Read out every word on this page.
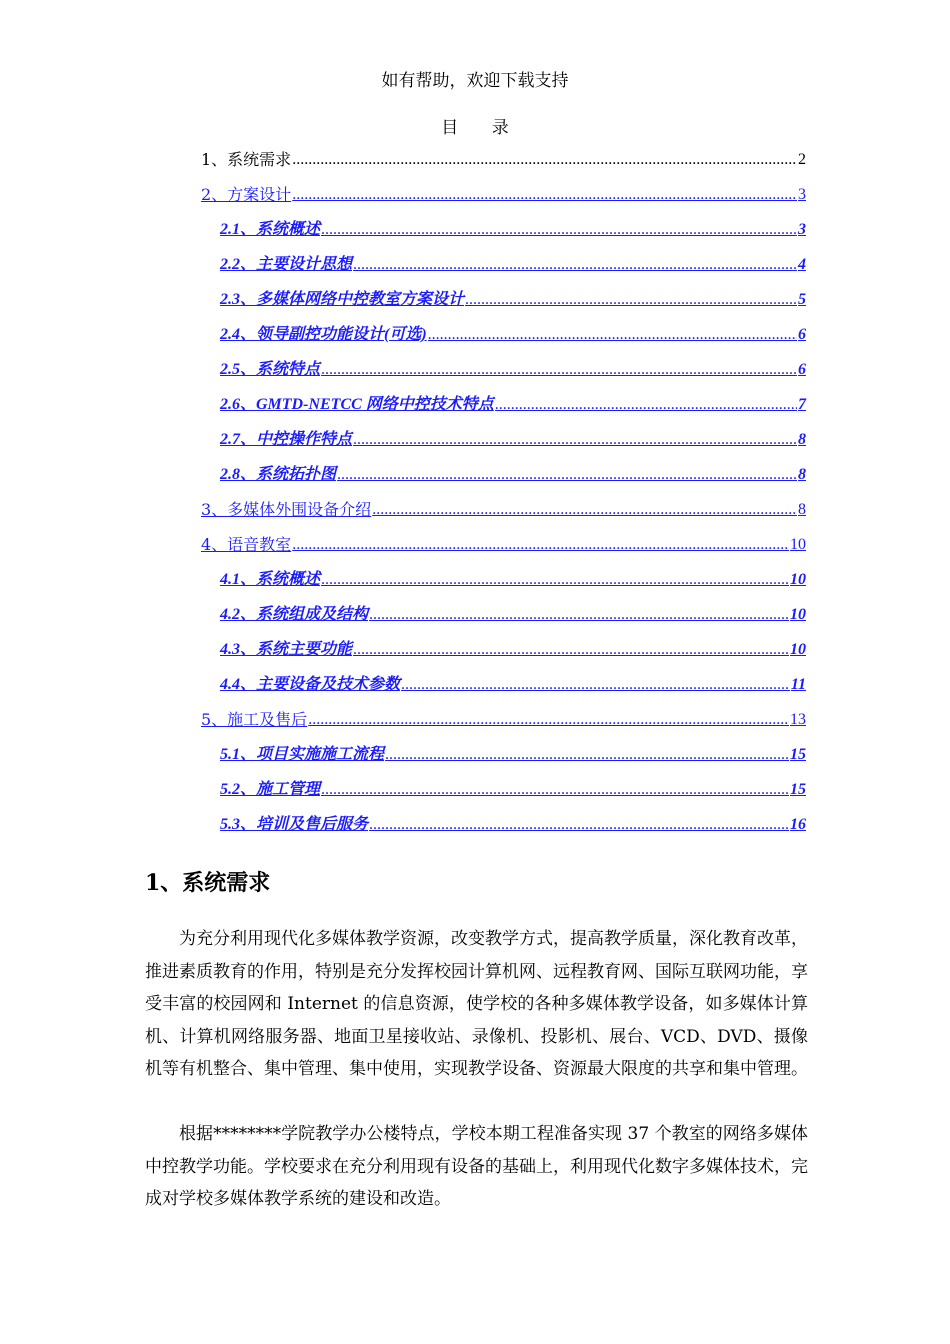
如有帮助，欢迎下载支持
目 录
1、系统需求 .....	2
2、方案设计 .....	3
2.1、系统概述 .....	3
2.2、主要设计思想 .....	4
2.3、多媒体网络中控教室方案设计 .....	5
2.4、领导副控功能设计(可选) .....	6
2.5、系统特点 .....	6
2.6、GMTD-NETCC 网络中控技术特点 .....	7
2.7、中控操作特点 .....	8
2.8、系统拓扑图 .....	8
3、多媒体外围设备介绍 .....	8
4、语音教室 .....	10
4.1、系统概述 .....	10
4.2、系统组成及结构 .....	10
4.3、系统主要功能 .....	10
4.4、主要设备及技术参数 .....	11
5、施工及售后 .....	13
5.1、项目实施施工流程 .....	15
5.2、施工管理 .....	15
5.3、培训及售后服务 .....	16
1、系统需求
为充分利用现代化多媒体教学资源，改变教学方式，提高教学质量，深化教育改革，推进素质教育的作用，特别是充分发挥校园计算机网、远程教育网、国际互联网功能，享受丰富的校园网和 Internet 的信息资源，使学校的各种多媒体教学设备，如多媒体计算机、计算机网络服务器、地面卫星接收站、录像机、投影机、展台、VCD、DVD、摄像机等有机整合、集中管理、集中使用，实现教学设备、资源最大限度的共享和集中管理。
根据********学院教学办公楼特点，学校本期工程准备实现 37 个教室的网络多媒体中控教学功能。学校要求在充分利用现有设备的基础上，利用现代化数字多媒体技术，完成对学校多媒体教学系统的建设和改造。
